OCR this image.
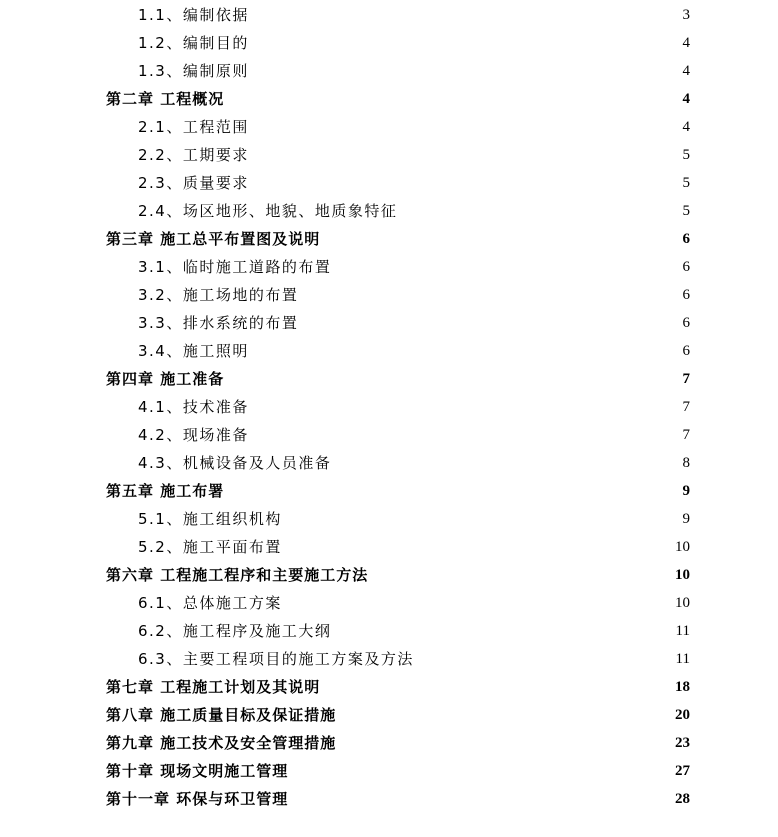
1.1、编制依据	3
1.2、编制目的	4
1.3、编制原则	4
第二章 工程概况	4
2.1、工程范围	4
2.2、工期要求	5
2.3、质量要求	5
2.4、场区地形、地貌、地质象特征	5
第三章 施工总平布置图及说明	6
3.1、临时施工道路的布置	6
3.2、施工场地的布置	6
3.3、排水系统的布置	6
3.4、施工照明	6
第四章 施工准备	7
4.1、技术准备	7
4.2、现场准备	7
4.3、机械设备及人员准备	8
第五章 施工布署	9
5.1、施工组织机构	9
5.2、施工平面布置	10
第六章 工程施工程序和主要施工方法	10
6.1、总体施工方案	10
6.2、施工程序及施工大纲	11
6.3、主要工程项目的施工方案及方法	11
第七章 工程施工计划及其说明	18
第八章 施工质量目标及保证措施	20
第九章 施工技术及安全管理措施	23
第十章 现场文明施工管理	27
第十一章 环保与环卫管理	28
